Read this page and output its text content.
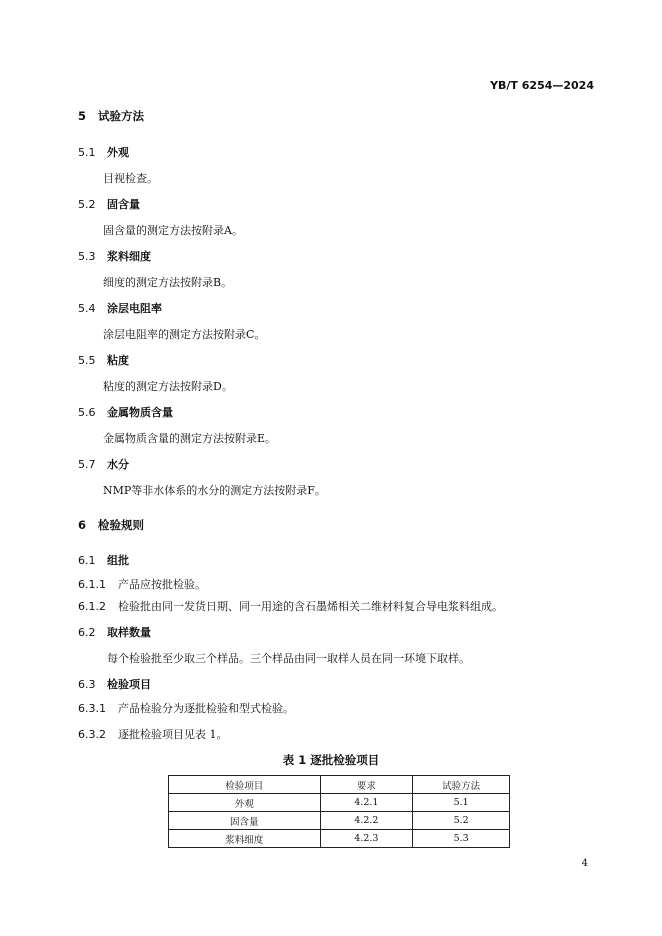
YB/T 6254—2024
5 试验方法
5.1 外观
目视检查。
5.2 固含量
固含量的测定方法按附录A。
5.3 浆料细度
细度的测定方法按附录B。
5.4 涂层电阻率
涂层电阻率的测定方法按附录C。
5.5 粘度
粘度的测定方法按附录D。
5.6 金属物质含量
金属物质含量的测定方法按附录E。
5.7 水分
NMP等非水体系的水分的测定方法按附录F。
6 检验规则
6.1 组批
6.1.1 产品应按批检验。
6.1.2 检验批由同一发货日期、同一用途的含石墨烯相关二维材料复合导电浆料组成。
6.2 取样数量
每个检验批至少取三个样品。三个样品由同一取样人员在同一环境下取样。
6.3 检验项目
6.3.1 产品检验分为逐批检验和型式检验。
6.3.2 逐批检验项目见表 1。
表 1 逐批检验项目
检验项目	要求	试验方法
外观	4.2.1	5.1
固含量	4.2.2	5.2
浆料细度	4.2.3	5.3
4
